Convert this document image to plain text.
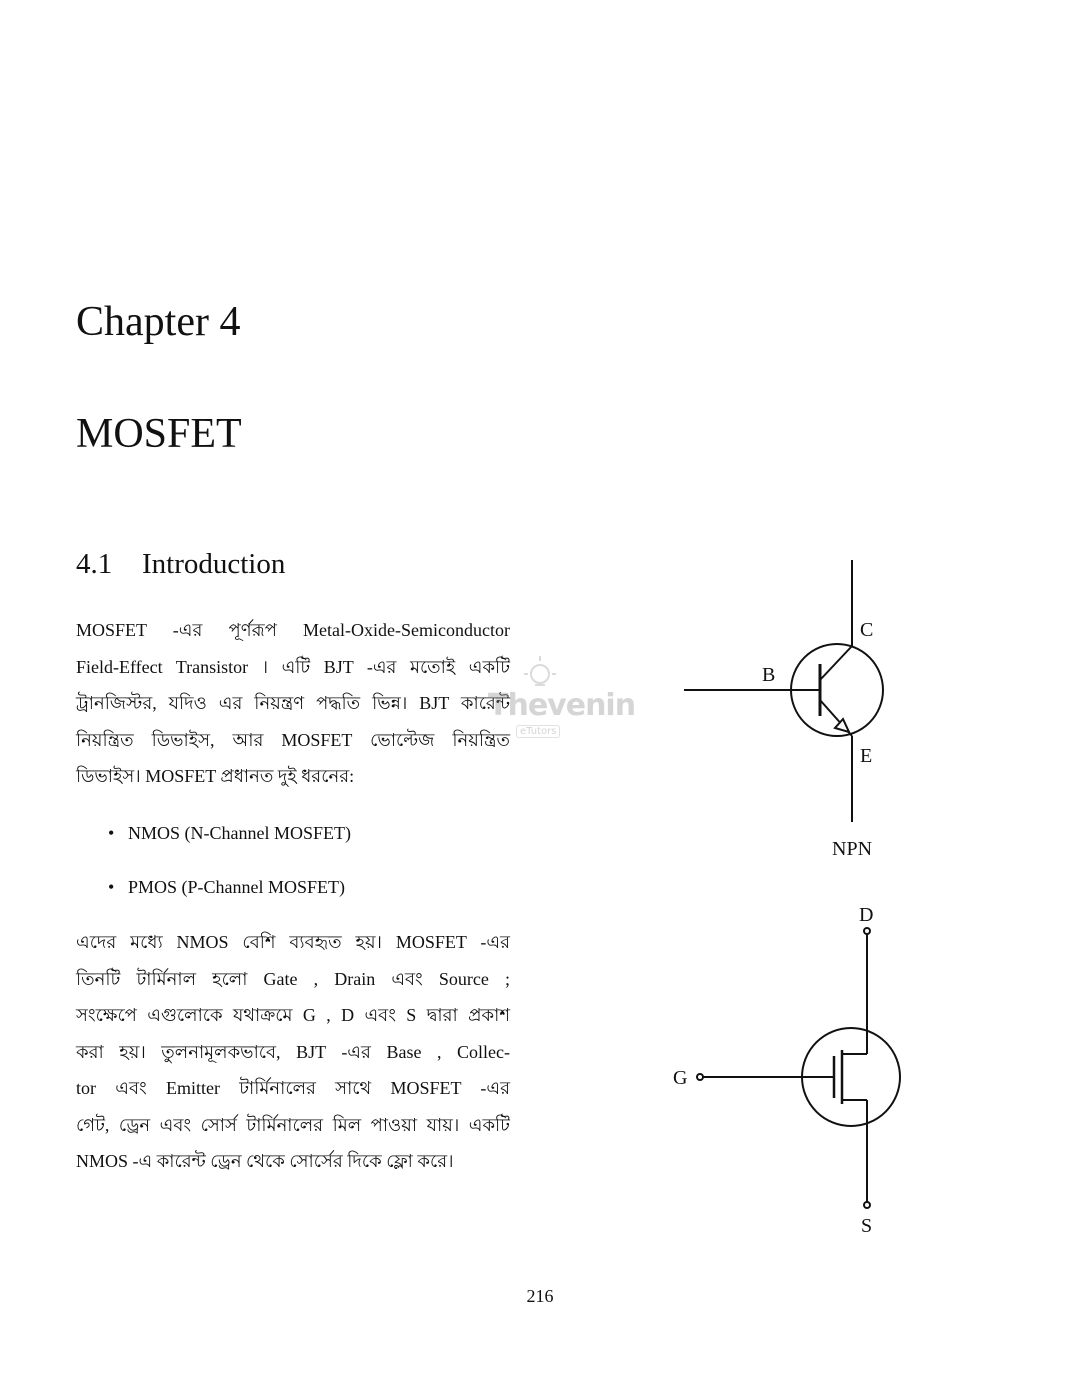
Chapter 4
MOSFET
4.1 Introduction
MOSFET -এর পূর্ণরূপ Metal-Oxide-Semiconductor
Field-Effect Transistor । এটি BJT -এর মতোই একটি
ট্রানজিস্টর, যদিও এর নিয়ন্ত্রণ পদ্ধতি ভিন্ন। BJT কারেন্ট
নিয়ন্ত্রিত ডিভাইস, আর MOSFET ভোল্টেজ নিয়ন্ত্রিত
ডিভাইস। MOSFET প্রধানত দুই ধরনের:
• NMOS (N-Channel MOSFET)
• PMOS (P-Channel MOSFET)
এদের মধ্যে NMOS বেশি ব্যবহৃত হয়। MOSFET -এর
তিনটি টার্মিনাল হলো Gate , Drain এবং Source ;
সংক্ষেপে এগুলোকে যথাক্রমে G , D এবং S দ্বারা প্রকাশ
করা হয়। তুলনামূলকভাবে, BJT -এর Base , Collec-
tor এবং Emitter টার্মিনালের সাথে MOSFET -এর
গেট, ড্রেন এবং সোর্স টার্মিনালের মিল পাওয়া যায়। একটি
NMOS -এ কারেন্ট ড্রেন থেকে সোর্সের দিকে ফ্লো করে।
Thevenin
eTutors
C
B
E
NPN
D
G
S
216
